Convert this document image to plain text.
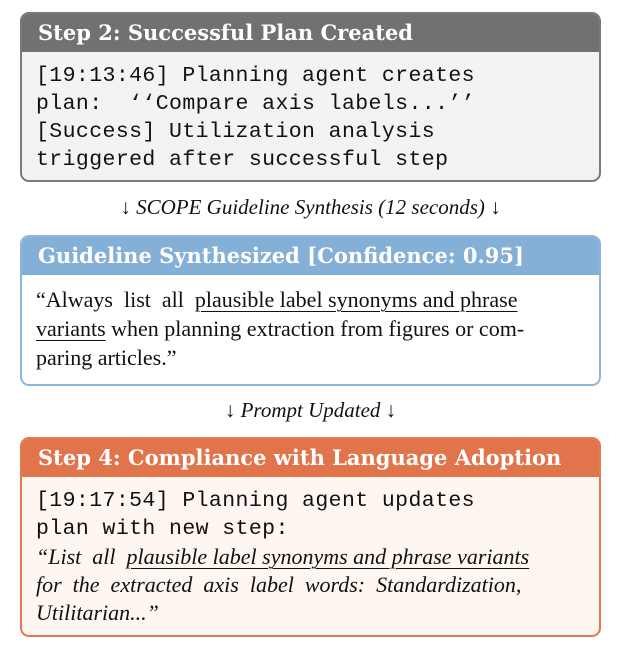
Step 2: Successful Plan Created
[19:13:46] Planning agent creates
plan:  ‘‘Compare axis labels...’’
[Success] Utilization analysis
triggered after successful step
↓ SCOPE Guideline Synthesis (12 seconds) ↓
Guideline Synthesized [Confidence: 0.95]
“Always  list  all  plausible label synonyms and phrase
variants when planning extraction from figures or com-
paring articles.”
↓ Prompt Updated ↓
Step 4: Compliance with Language Adoption
[19:17:54] Planning agent updates
plan with new step:
“List  all  plausible label synonyms and phrase variants
for  the  extracted  axis  label  words:  Standardization,
Utilitarian...”
